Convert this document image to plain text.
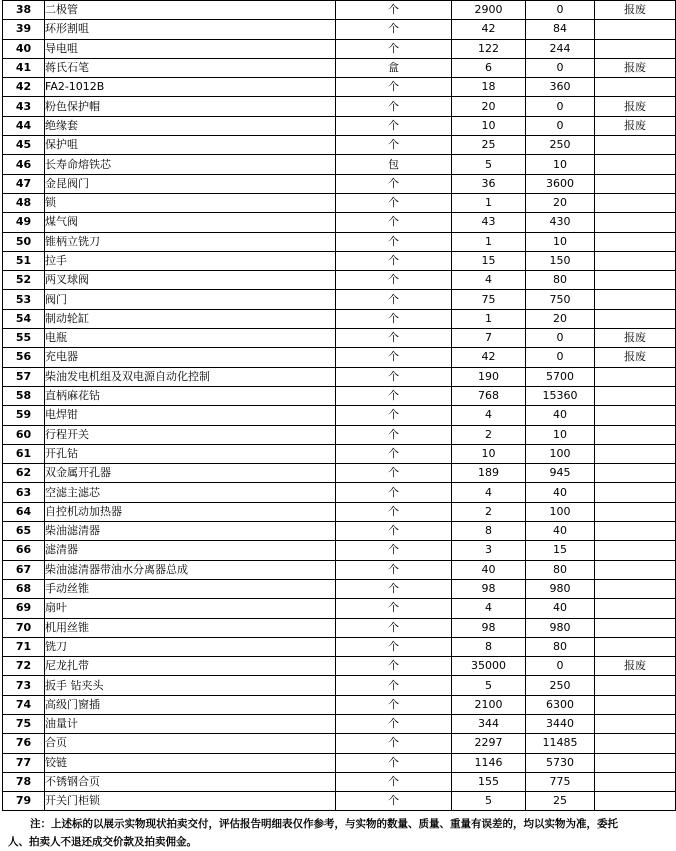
38	二极管	个	2900	0	报废
39	环形割咀	个	42	84	
40	导电咀	个	122	244	
41	蒋氏石笔	盒	6	0	报废
42	FA2-1012B	个	18	360	
43	粉色保护帽	个	20	0	报废
44	绝缘套	个	10	0	报废
45	保护咀	个	25	250	
46	长寿命熔铁芯	包	5	10	
47	金昆阀门	个	36	3600	
48	锁	个	1	20	
49	煤气阀	个	43	430	
50	锥柄立铣刀	个	1	10	
51	拉手	个	15	150	
52	两叉球阀	个	4	80	
53	阀门	个	75	750	
54	制动轮缸	个	1	20	
55	电瓶	个	7	0	报废
56	充电器	个	42	0	报废
57	柴油发电机组及双电源自动化控制	个	190	5700	
58	直柄麻花钻	个	768	15360	
59	电焊钳	个	4	40	
60	行程开关	个	2	10	
61	开孔钻	个	10	100	
62	双金属开孔器	个	189	945	
63	空滤主滤芯	个	4	40	
64	自控机动加热器	个	2	100	
65	柴油滤清器	个	8	40	
66	滤清器	个	3	15	
67	柴油滤清器带油水分离器总成	个	40	80	
68	手动丝锥	个	98	980	
69	扇叶	个	4	40	
70	机用丝锥	个	98	980	
71	铣刀	个	8	80	
72	尼龙扎带	个	35000	0	报废
73	扳手 钻夹头	个	5	250	
74	高级门窗插	个	2100	6300	
75	油量计	个	344	3440	
76	合页	个	2297	11485	
77	铰链	个	1146	5730	
78	不锈钢合页	个	155	775	
79	开关门柜锁	个	5	25	
注：上述标的以展示实物现状拍卖交付，评估报告明细表仅作参考，与实物的数量、质量、重量有误差的，均以实物为准，委托人、拍卖人不退还成交价款及拍卖佣金。
